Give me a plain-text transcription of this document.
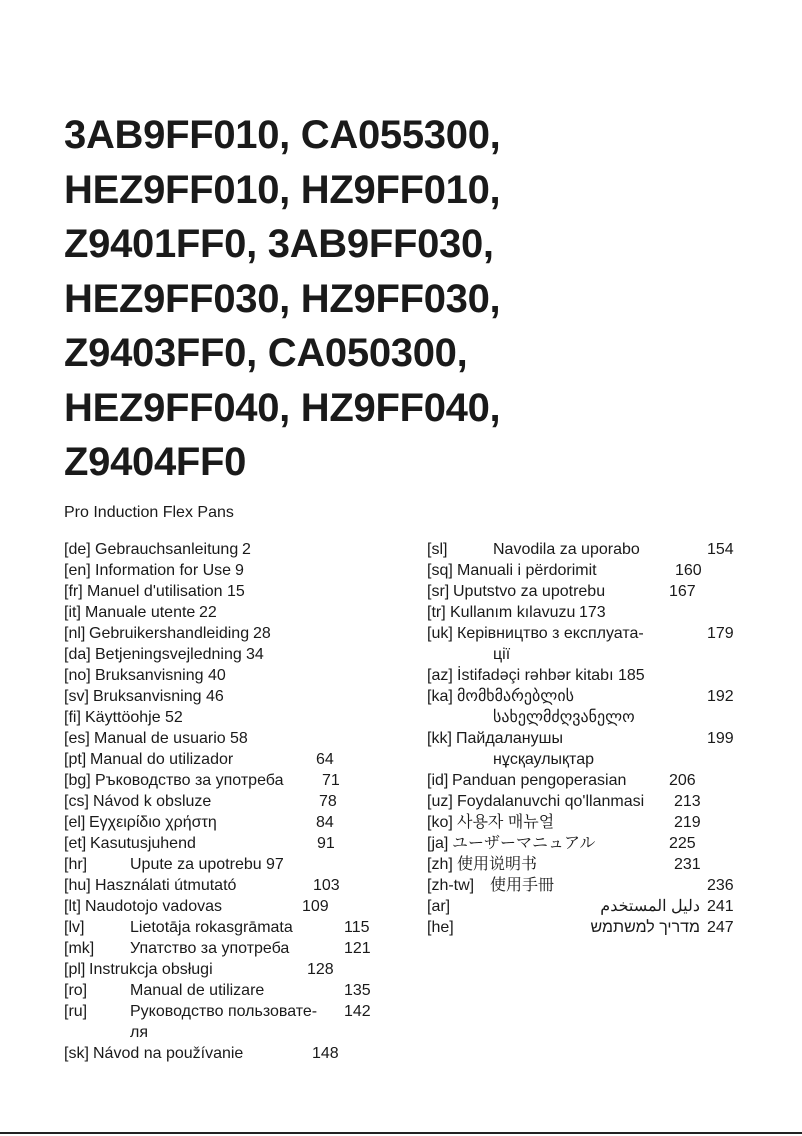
3AB9FF010, CA055300,
HEZ9FF010, HZ9FF010,
Z9401FF0, 3AB9FF030,
HEZ9FF030, HZ9FF030,
Z9403FF0, CA050300,
HEZ9FF040, HZ9FF040,
Z9404FF0
Pro Induction Flex Pans
[de] Gebrauchsanleitung 2
[en] Information for Use 9
[fr] Manuel d'utilisation 15
[it] Manuale utente 22
[nl] Gebruikershandleiding 28
[da] Betjeningsvejledning 34
[no] Bruksanvisning 40
[sv] Bruksanvisning 46
[fi] Käyttöohje 52
[es] Manual de usuario 58
[pt] Manual do utilizador	64
[bg] Ръководство за употреба 71
[cs] Návod k obsluze	78
[el] Εγχειρίδιο χρήστη	84
[et] Kasutusjuhend	91
[hr]	Upute za upotrebu 97
[hu] Használati útmutató	103
[lt] Naudotojo vadovas	109
[lv]	Lietotāja rokasgrāmata	115
[mk] Упатство за употреба	121
[pl] Instrukcja obsługi	128
[ro]	Manual de utilizare	135
[ru]	Руководство пользовате- 142
ля
[sk] Návod na používanie	148
[sl]	Navodila za uporabo	154
[sq] Manuali i përdorimit	160
[sr] Uputstvo za upotrebu	167
[tr] Kullanım kılavuzu 173
[uk] Керівництво з експлуата-	179
ції
[az] İstifadəçi rəhbər kitabı 185
[ka] მომხმარებლის	192
სახელმძღვანელო
[kk] Пайдаланушы	199
нұсқаулықтар
[id] Panduan pengoperasian	206
[uz] Foydalanuvchi qo'llanmasi 213
[ko] 사용자 매뉴얼	219
[ja] ユーザーマニュアル	225
[zh] 使用说明书	231
[zh-tw] 使用手冊	236
[ar]	دليل المستخدم 241
[he]	מדריך למשתמש 247
